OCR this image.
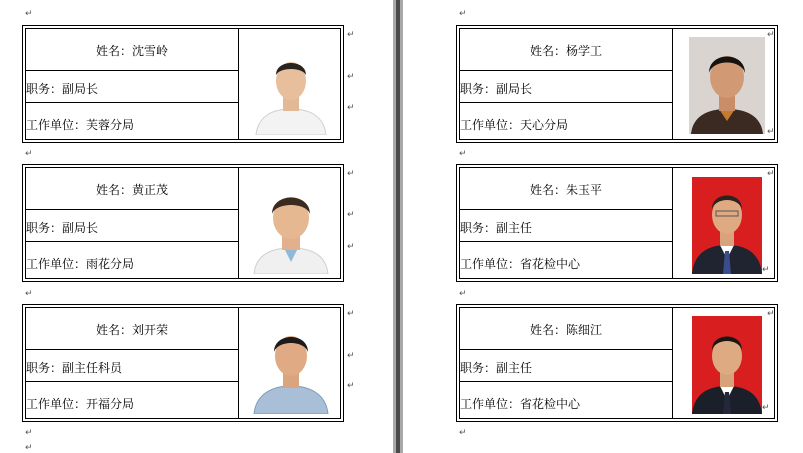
↵
姓名：沈雪岭
职务：副局长
工作单位：芙蓉分局
↵
↵
↵
↵
姓名：黄正茂
职务：副局长
工作单位：雨花分局
↵
↵
↵
↵
姓名：刘开荣
职务：副主任科员
工作单位：开福分局
↵
↵
↵
↵
↵
↵
姓名：杨学工
职务：副局长
工作单位：天心分局
↵
↵
↵
姓名：朱玉平
职务：副主任
工作单位：省花检中心
↵
↵
↵
姓名：陈细江
职务：副主任
工作单位：省花检中心
↵
↵
↵
